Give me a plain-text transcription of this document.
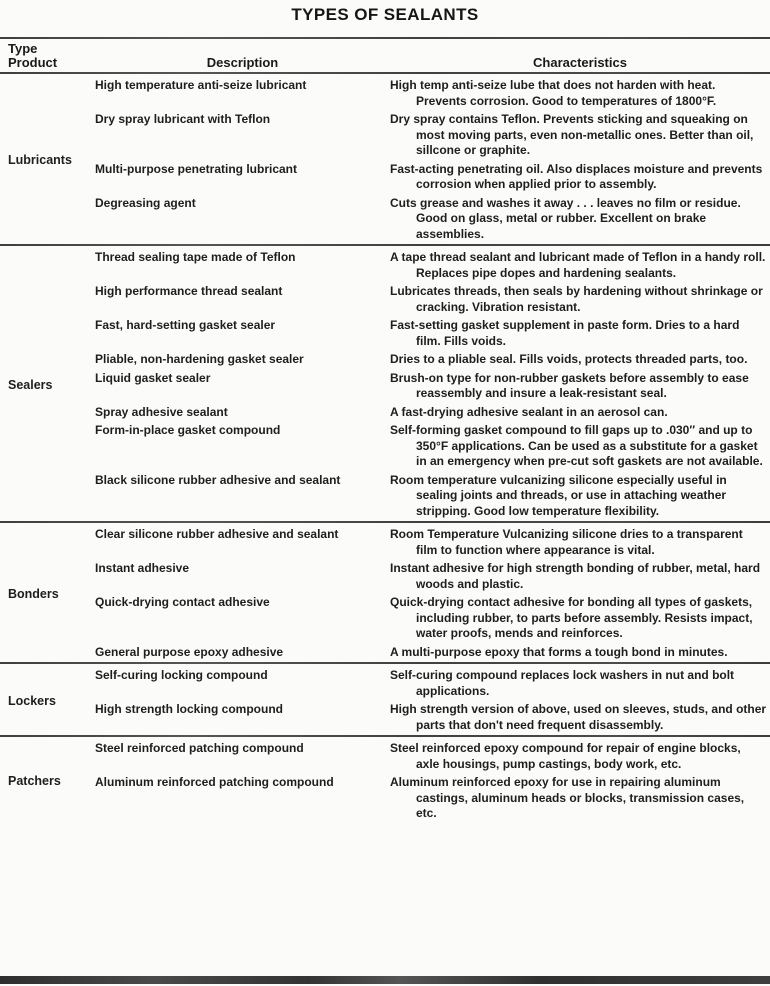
TYPES OF SEALANTS
Type
Product	Description	Characteristics
Lubricants
High temperature anti-seize lubricant	High temp anti-seize lube that does not harden with heat. Prevents corrosion. Good to temperatures of 1800°F.
Dry spray lubricant with Teflon	Dry spray contains Teflon. Prevents sticking and squeaking on most moving parts, even non-metallic ones. Better than oil, sillcone or graphite.
Multi-purpose penetrating lubricant	Fast-acting penetrating oil. Also displaces moisture and prevents corrosion when applied prior to assembly.
Degreasing agent	Cuts grease and washes it away . . . leaves no film or residue. Good on glass, metal or rubber. Excellent on brake assemblies.
Sealers
Thread sealing tape made of Teflon	A tape thread sealant and lubricant made of Teflon in a handy roll. Replaces pipe dopes and hardening sealants.
High performance thread sealant	Lubricates threads, then seals by hardening without shrinkage or cracking. Vibration resistant.
Fast, hard-setting gasket sealer	Fast-setting gasket supplement in paste form. Dries to a hard film. Fills voids.
Pliable, non-hardening gasket sealer	Dries to a pliable seal. Fills voids, protects threaded parts, too.
Liquid gasket sealer	Brush-on type for non-rubber gaskets before assembly to ease reassembly and insure a leak-resistant seal.
Spray adhesive sealant	A fast-drying adhesive sealant in an aerosol can.
Form-in-place gasket compound	Self-forming gasket compound to fill gaps up to .030″ and up to 350°F applications. Can be used as a substitute for a gasket in an emergency when pre-cut soft gaskets are not available.
Black silicone rubber adhesive and sealant	Room temperature vulcanizing silicone especially useful in sealing joints and threads, or use in attaching weather stripping. Good low temperature flexibility.
Bonders
Clear silicone rubber adhesive and sealant	Room Temperature Vulcanizing silicone dries to a transparent film to function where appearance is vital.
Instant adhesive	Instant adhesive for high strength bonding of rubber, metal, hard woods and plastic.
Quick-drying contact adhesive	Quick-drying contact adhesive for bonding all types of gaskets, including rubber, to parts before assembly. Resists impact, water proofs, mends and reinforces.
General purpose epoxy adhesive	A multi-purpose epoxy that forms a tough bond in minutes.
Lockers
Self-curing locking compound	Self-curing compound replaces lock washers in nut and bolt applications.
High strength locking compound	High strength version of above, used on sleeves, studs, and other parts that don't need frequent disassembly.
Patchers
Steel reinforced patching compound	Steel reinforced epoxy compound for repair of engine blocks, axle housings, pump castings, body work, etc.
Aluminum reinforced patching compound	Aluminum reinforced epoxy for use in repairing aluminum castings, aluminum heads or blocks, transmission cases, etc.
